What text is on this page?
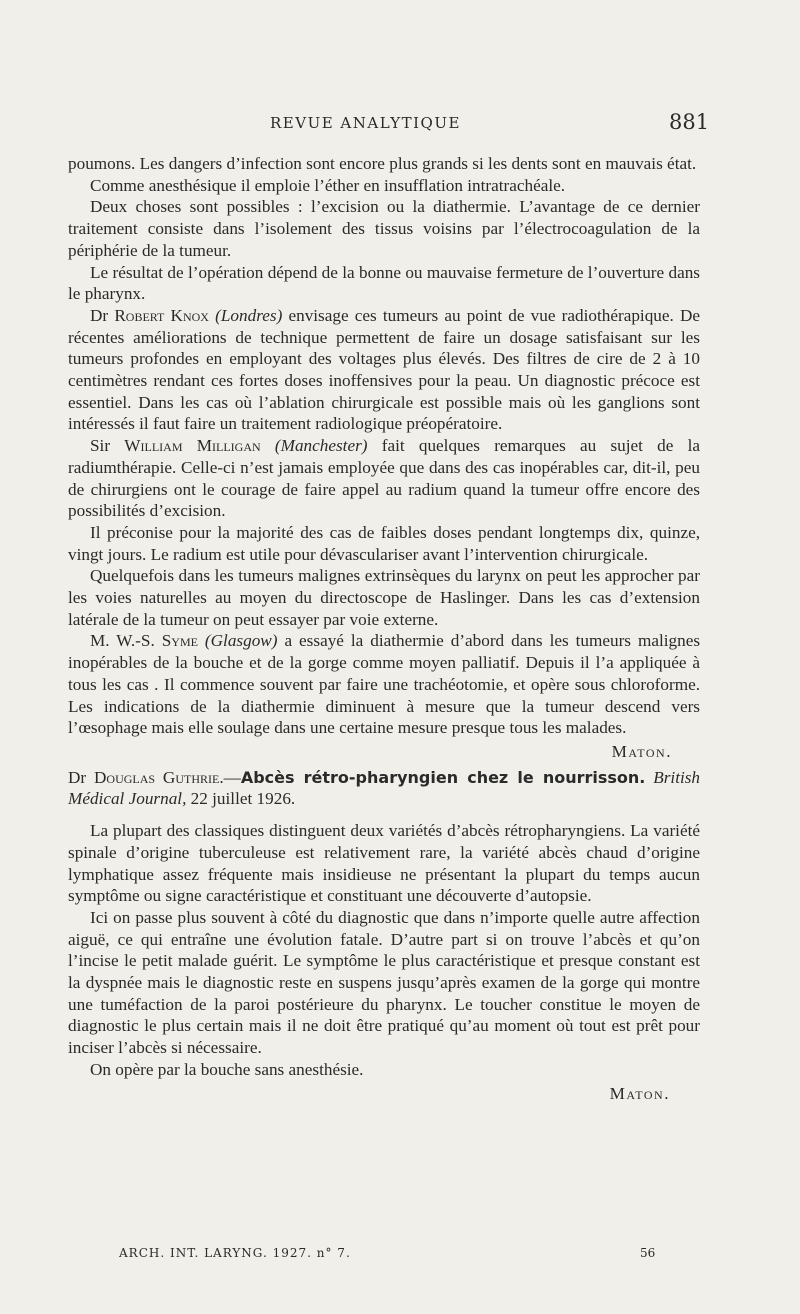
REVUE ANALYTIQUE	881

poumons. Les dangers d’infection sont encore plus grands si les dents sont en mauvais état.

Comme anesthésique il emploie l’éther en insufflation intratrachéale.

Deux choses sont possibles : l’excision ou la diathermie. L’avantage de ce dernier traitement consiste dans l’isolement des tissus voisins par l’électrocoagulation de la périphérie de la tumeur.

Le résultat de l’opération dépend de la bonne ou mauvaise fermeture de l’ouverture dans le pharynx.

Dr Robert Knox (Londres) envisage ces tumeurs au point de vue radiothérapique. De récentes améliorations de technique permettent de faire un dosage satisfaisant sur les tumeurs profondes en employant des voltages plus élevés. Des filtres de cire de 2 à 10 centimètres rendant ces fortes doses inoffensives pour la peau. Un diagnostic précoce est essentiel. Dans les cas où l’ablation chirurgicale est possible mais où les ganglions sont intéressés il faut faire un traitement radiologique préopératoire.

Sir William Milligan (Manchester) fait quelques remarques au sujet de la radiumthérapie. Celle-ci n’est jamais employée que dans des cas inopérables car, dit-il, peu de chirurgiens ont le courage de faire appel au radium quand la tumeur offre encore des possibilités d’excision.

Il préconise pour la majorité des cas de faibles doses pendant longtemps dix, quinze, vingt jours. Le radium est utile pour dévasculariser avant l’intervention chirurgicale.

Quelquefois dans les tumeurs malignes extrinsèques du larynx on peut les approcher par les voies naturelles au moyen du directoscope de Haslinger. Dans les cas d’extension latérale de la tumeur on peut essayer par voie externe.

M. W.-S. Syme (Glasgow) a essayé la diathermie d’abord dans les tumeurs malignes inopérables de la bouche et de la gorge comme moyen palliatif. Depuis il l’a appliquée à tous les cas . Il commence souvent par faire une trachéotomie, et opère sous chloroforme. Les indications de la diathermie diminuent à mesure que la tumeur descend vers l’œsophage mais elle soulage dans une certaine mesure presque tous les malades.

Maton.

Dr Douglas Guthrie.—Abcès rétro-pharyngien chez le nourrisson. British Médical Journal, 22 juillet 1926.

La plupart des classiques distinguent deux variétés d’abcès rétropharyngiens. La variété spinale d’origine tuberculeuse est relativement rare, la variété abcès chaud d’origine lymphatique assez fréquente mais insidieuse ne présentant la plupart du temps aucun symptôme ou signe caractéristique et constituant une découverte d’autopsie.

Ici on passe plus souvent à côté du diagnostic que dans n’importe quelle autre affection aiguë, ce qui entraîne une évolution fatale. D’autre part si on trouve l’abcès et qu’on l’incise le petit malade guérit. Le symptôme le plus caractéristique et presque constant est la dyspnée mais le diagnostic reste en suspens jusqu’après examen de la gorge qui montre une tuméfaction de la paroi postérieure du pharynx. Le toucher constitue le moyen de diagnostic le plus certain mais il ne doit être pratiqué qu’au moment où tout est prêt pour inciser l’abcès si nécessaire.

On opère par la bouche sans anesthésie.

Maton.
ARCH. INT. LARYNG. 1927. n° 7.	56
